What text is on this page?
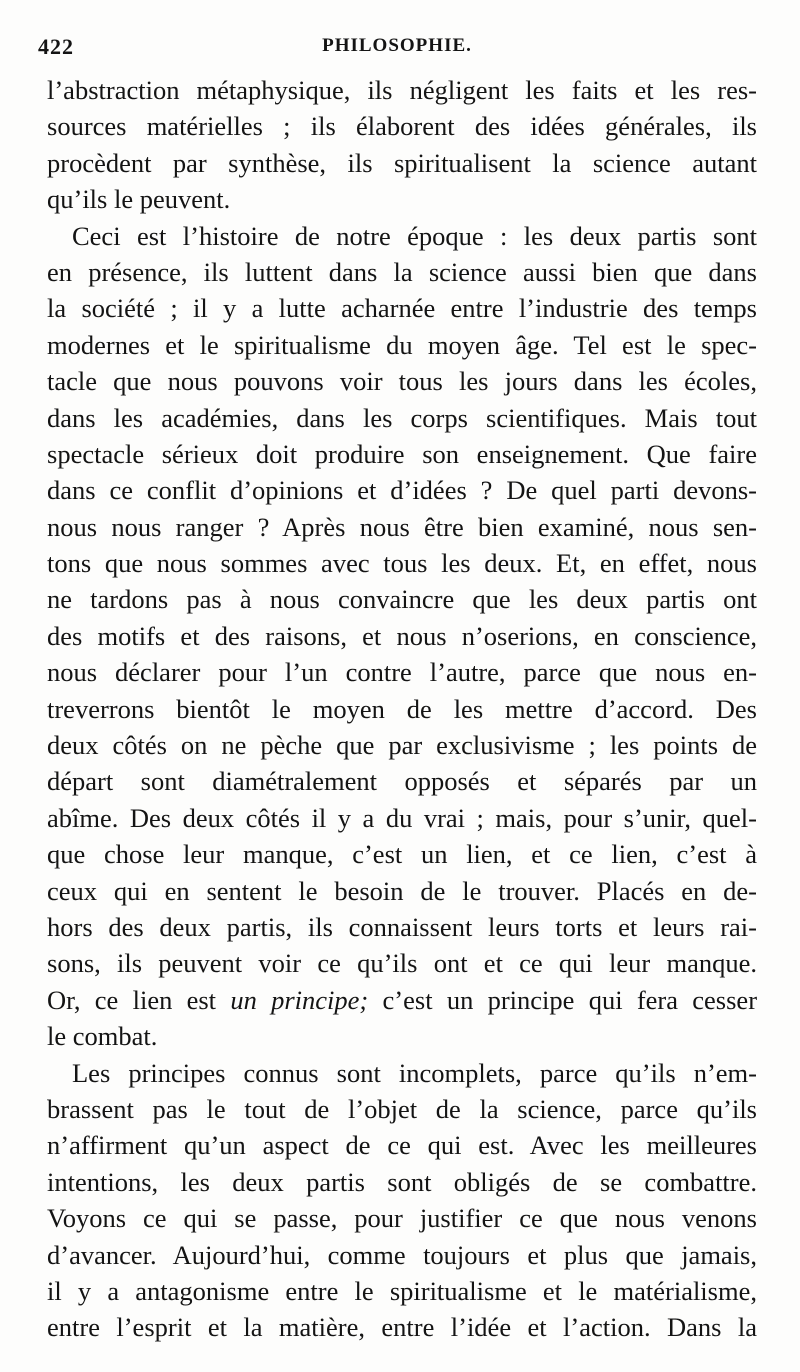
422	PHILOSOPHIE.
l’abstraction métaphysique, ils négligent les faits et les res-
sources matérielles ; ils élaborent des idées générales, ils
procèdent par synthèse, ils spiritualisent la science autant
qu’ils le peuvent.
Ceci est l’histoire de notre époque : les deux partis sont
en présence, ils luttent dans la science aussi bien que dans
la société ; il y a lutte acharnée entre l’industrie des temps
modernes et le spiritualisme du moyen âge. Tel est le spec-
tacle que nous pouvons voir tous les jours dans les écoles,
dans les académies, dans les corps scientifiques. Mais tout
spectacle sérieux doit produire son enseignement. Que faire
dans ce conflit d’opinions et d’idées ? De quel parti devons-
nous nous ranger ? Après nous être bien examiné, nous sen-
tons que nous sommes avec tous les deux. Et, en effet, nous
ne tardons pas à nous convaincre que les deux partis ont
des motifs et des raisons, et nous n’oserions, en conscience,
nous déclarer pour l’un contre l’autre, parce que nous en-
treverrons bientôt le moyen de les mettre d’accord. Des
deux côtés on ne pèche que par exclusivisme ; les points de
départ sont diamétralement opposés et séparés par un
abîme. Des deux côtés il y a du vrai ; mais, pour s’unir, quel-
que chose leur manque, c’est un lien, et ce lien, c’est à
ceux qui en sentent le besoin de le trouver. Placés en de-
hors des deux partis, ils connaissent leurs torts et leurs rai-
sons, ils peuvent voir ce qu’ils ont et ce qui leur manque.
Or, ce lien est un principe; c’est un principe qui fera cesser
le combat.
Les principes connus sont incomplets, parce qu’ils n’em-
brassent pas le tout de l’objet de la science, parce qu’ils
n’affirment qu’un aspect de ce qui est. Avec les meilleures
intentions, les deux partis sont obligés de se combattre.
Voyons ce qui se passe, pour justifier ce que nous venons
d’avancer. Aujourd’hui, comme toujours et plus que jamais,
il y a antagonisme entre le spiritualisme et le matérialisme,
entre l’esprit et la matière, entre l’idée et l’action. Dans la
